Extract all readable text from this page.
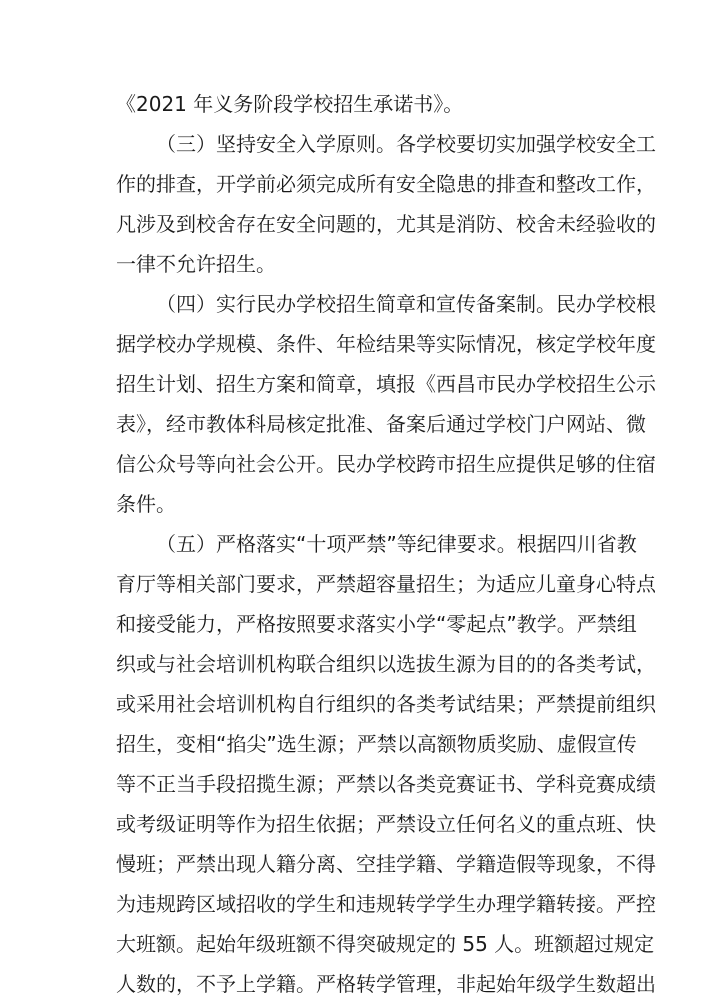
《2021 年义务阶段学校招生承诺书》。
（三）坚持安全入学原则。各学校要切实加强学校安全工
作的排查，开学前必须完成所有安全隐患的排查和整改工作，
凡涉及到校舍存在安全问题的，尤其是消防、校舍未经验收的
一律不允许招生。
（四）实行民办学校招生简章和宣传备案制。民办学校根
据学校办学规模、条件、年检结果等实际情况，核定学校年度
招生计划、招生方案和简章，填报《西昌市民办学校招生公示
表》，经市教体科局核定批准、备案后通过学校门户网站、微
信公众号等向社会公开。民办学校跨市招生应提供足够的住宿
条件。
（五）严格落实“十项严禁”等纪律要求。根据四川省教
育厅等相关部门要求，严禁超容量招生；为适应儿童身心特点
和接受能力，严格按照要求落实小学“零起点”教学。严禁组
织或与社会培训机构联合组织以选拔生源为目的的各类考试，
或采用社会培训机构自行组织的各类考试结果；严禁提前组织
招生，变相“掐尖”选生源；严禁以高额物质奖励、虚假宣传
等不正当手段招揽生源；严禁以各类竞赛证书、学科竞赛成绩
或考级证明等作为招生依据；严禁设立任何名义的重点班、快
慢班；严禁出现人籍分离、空挂学籍、学籍造假等现象，不得
为违规跨区域招收的学生和违规转学学生办理学籍转接。严控
大班额。起始年级班额不得突破规定的 55 人。班额超过规定
人数的，不予上学籍。严格转学管理，非起始年级学生数超出
